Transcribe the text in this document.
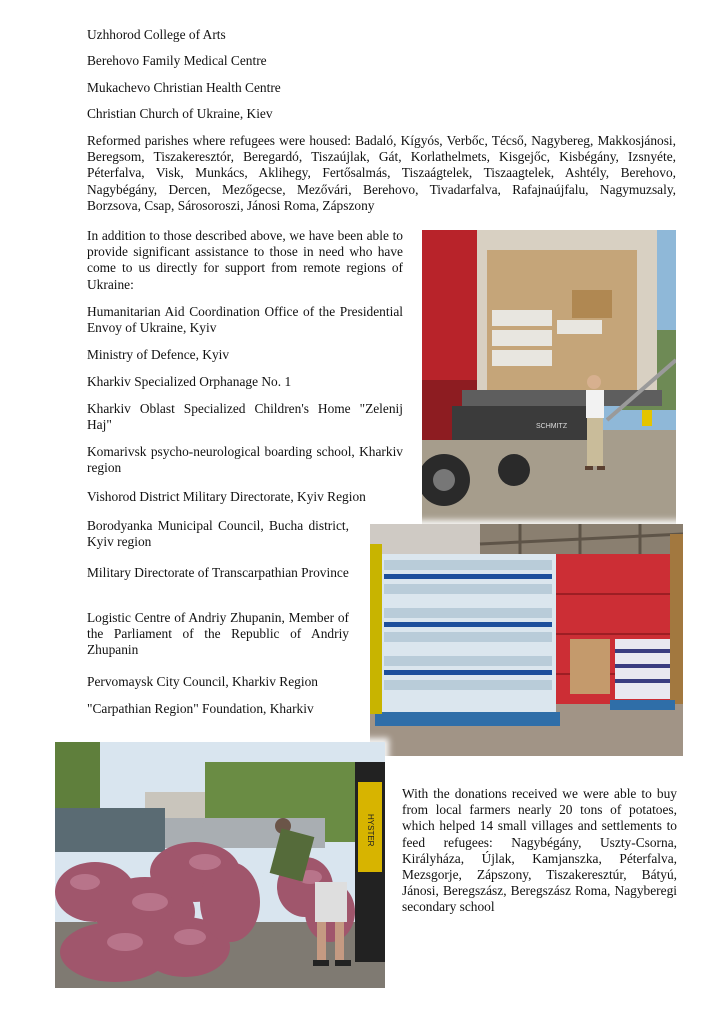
Uzhhorod College of Arts

Berehovo Family Medical Centre

Mukachevo Christian Health Centre

Christian Church of Ukraine, Kiev

Reformed parishes where refugees were housed: Badaló, Kígyós, Verbőc, Técső, Nagybereg, Makkosjánosi, Beregsom, Tiszakeresztór, Beregardó, Tiszaújlak, Gát, Korlathelmets, Kisgejőc, Kisbégány, Izsnyéte, Péterfalva, Visk, Munkács, Aklihegy, Fertősalmás, Tiszaágtelek, Tiszaagtelek, Ashtély, Berehovo, Nagybégány, Dercen, Mezőgecse, Mezővári, Berehovo, Tivadarfalva, Rafajnaújfalu, Nagymuzsaly, Borzsova, Csap, Sárosoroszi, Jánosi Roma, Zápszony

In addition to those described above, we have been able to provide significant assistance to those in need who have come to us directly for support from remote regions of Ukraine:

Humanitarian Aid Coordination Office of the Presidential Envoy of Ukraine, Kyiv

Ministry of Defence, Kyiv

Kharkiv Specialized Orphanage No. 1

Kharkiv Oblast Specialized Children's Home "Zelenij Haj"

Komarivsk psycho-neurological boarding school, Kharkiv region

Vishorod District Military Directorate, Kyiv Region

Borodyanka Municipal Council, Bucha district, Kyiv region

Military Directorate of Transcarpathian Province

Logistic Centre of Andriy Zhupanin, Member of the Parliament of the Republic of Andriy Zhupanin

Pervomaysk City Council, Kharkiv Region

"Carpathian Region" Foundation, Kharkiv

With the donations received we were able to buy from local farmers nearly 20 tons of potatoes, which helped 14 small villages and settlements to feed refugees: Nagybégány, Uszty-Csorna, Királyháza, Újlak, Kamjanszka, Péterfalva, Mezsgorje, Zápszony, Tiszakeresztúr, Bátyú, Jánosi, Beregszász, Beregszász Roma, Nagyberegi secondary school

SCHMITZ
HYSTER
